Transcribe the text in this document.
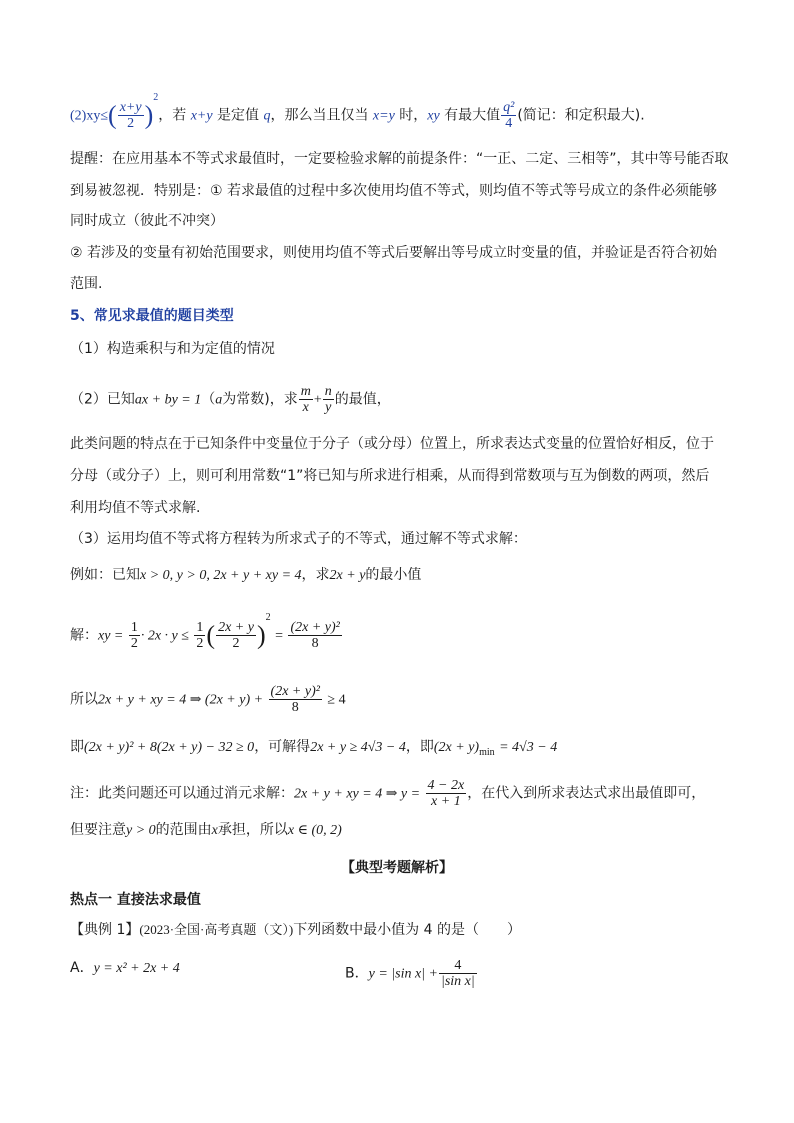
$(2)xy\le( \frac{x+y}{2} )^2$，若 x+y 是定值 q，那么当且仅当 x=y 时，xy 有最大值 $\frac{\text{q²}}{4}$ (简记：和定积最大).
提醒：在应用基本不等式求最值时，一定要检验求解的前提条件：“一正、二定、三相等”，其中等号能否取
到易被忽视．特别是：① 若求最值的过程中多次使用均值不等式，则均值不等式等号成立的条件必须能够
同时成立（彼此不冲突）
② 若涉及的变量有初始范围要求，则使用均值不等式后要解出等号成立时变量的值，并验证是否符合初始
范围.
5、常见求最值的题目类型
（1）构造乘积与和为定值的情况
（2）已知ax + by = 1（a为常数)，求 $\frac{m}{x} + \frac{n}{y}$ 的最值，
此类问题的特点在于已知条件中变量位于分子（或分母）位置上，所求表达式变量的位置恰好相反，位于
分母（或分子）上，则可利用常数“1”将已知与所求进行相乘，从而得到常数项与互为倒数的两项，然后
利用均值不等式求解.
（3）运用均值不等式将方程转为所求式子的不等式，通过解不等式求解：
例如：已知x > 0, y > 0, 2x + y + xy = 4，求2x + y的最小值
解：xy = $\frac{1}{2} \cdot 2x \cdot y \le \frac{1}{2}$ ( $\frac{2x + y}{2} )^2 = \frac{\text{(2x + y)²}}{8}$
所以2x + y + xy = 4 ⇒ $(2x + y) + \frac{\text{(2x + y)²}}{8} \ge 4$
即(2x + y)² + 8(2x + y) − 32 ≥ 0，可解得2x + y ≥ 4√3 − 4，即$(2x + y)_{min} = 4√3 - 4$
注：此类问题还可以通过消元求解：2x + y + xy = 4 ⇒ $y = \frac{4 - 2x}{x + 1}$ ，在代入到所求表达式求出最值即可，
但要注意y > 0的范围由x承担，所以x ∈ (0, 2)
【典型考题解析】
热点一 直接法求最值
【典例 1】(2023·全国·高考真题（文）)下列函数中最小值为 4 的是（　　）
A．y = x² + 2x + 4	B．y = |sin $x| + \frac{4}{\text{|sin x|}}$
